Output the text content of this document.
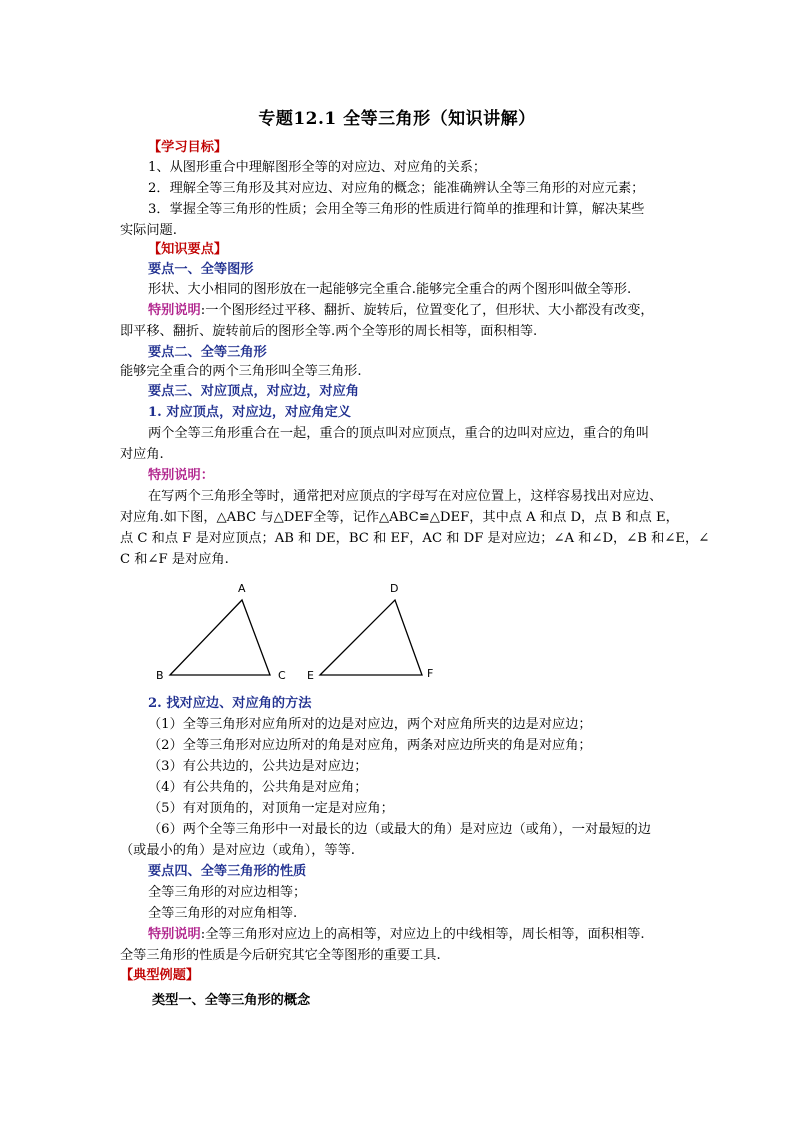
专题12.1 全等三角形（知识讲解）
【学习目标】
1、从图形重合中理解图形全等的对应边、对应角的关系；
2．理解全等三角形及其对应边、对应角的概念；能准确辨认全等三角形的对应元素；
3．掌握全等三角形的性质；会用全等三角形的性质进行简单的推理和计算，解决某些
实际问题.
【知识要点】
要点一、全等图形
形状、大小相同的图形放在一起能够完全重合.能够完全重合的两个图形叫做全等形.
特别说明:一个图形经过平移、翻折、旋转后，位置变化了，但形状、大小都没有改变，
即平移、翻折、旋转前后的图形全等.两个全等形的周长相等，面积相等.
要点二、全等三角形
能够完全重合的两个三角形叫全等三角形.
要点三、对应顶点，对应边，对应角
1. 对应顶点，对应边，对应角定义
两个全等三角形重合在一起，重合的顶点叫对应顶点，重合的边叫对应边，重合的角叫
对应角.
特别说明：
在写两个三角形全等时，通常把对应顶点的字母写在对应位置上，这样容易找出对应边、
对应角.如下图，△ABC 与△DEF全等，记作△ABC≌△DEF，其中点 A 和点 D，点 B 和点 E，
点 C 和点 F 是对应顶点；AB 和 DE，BC 和 EF，AC 和 DF 是对应边；∠A 和∠D，∠B 和∠E，∠
C 和∠F 是对应角.
A
B	C
D
E	F
2. 找对应边、对应角的方法
（1）全等三角形对应角所对的边是对应边，两个对应角所夹的边是对应边；
（2）全等三角形对应边所对的角是对应角，两条对应边所夹的角是对应角；
（3）有公共边的，公共边是对应边；
（4）有公共角的，公共角是对应角；
（5）有对顶角的，对顶角一定是对应角；
（6）两个全等三角形中一对最长的边（或最大的角）是对应边（或角），一对最短的边
（或最小的角）是对应边（或角），等等.
要点四、全等三角形的性质
全等三角形的对应边相等；
全等三角形的对应角相等.
特别说明:全等三角形对应边上的高相等，对应边上的中线相等，周长相等，面积相等.
全等三角形的性质是今后研究其它全等图形的重要工具.
【典型例题】
类型一、全等三角形的概念
